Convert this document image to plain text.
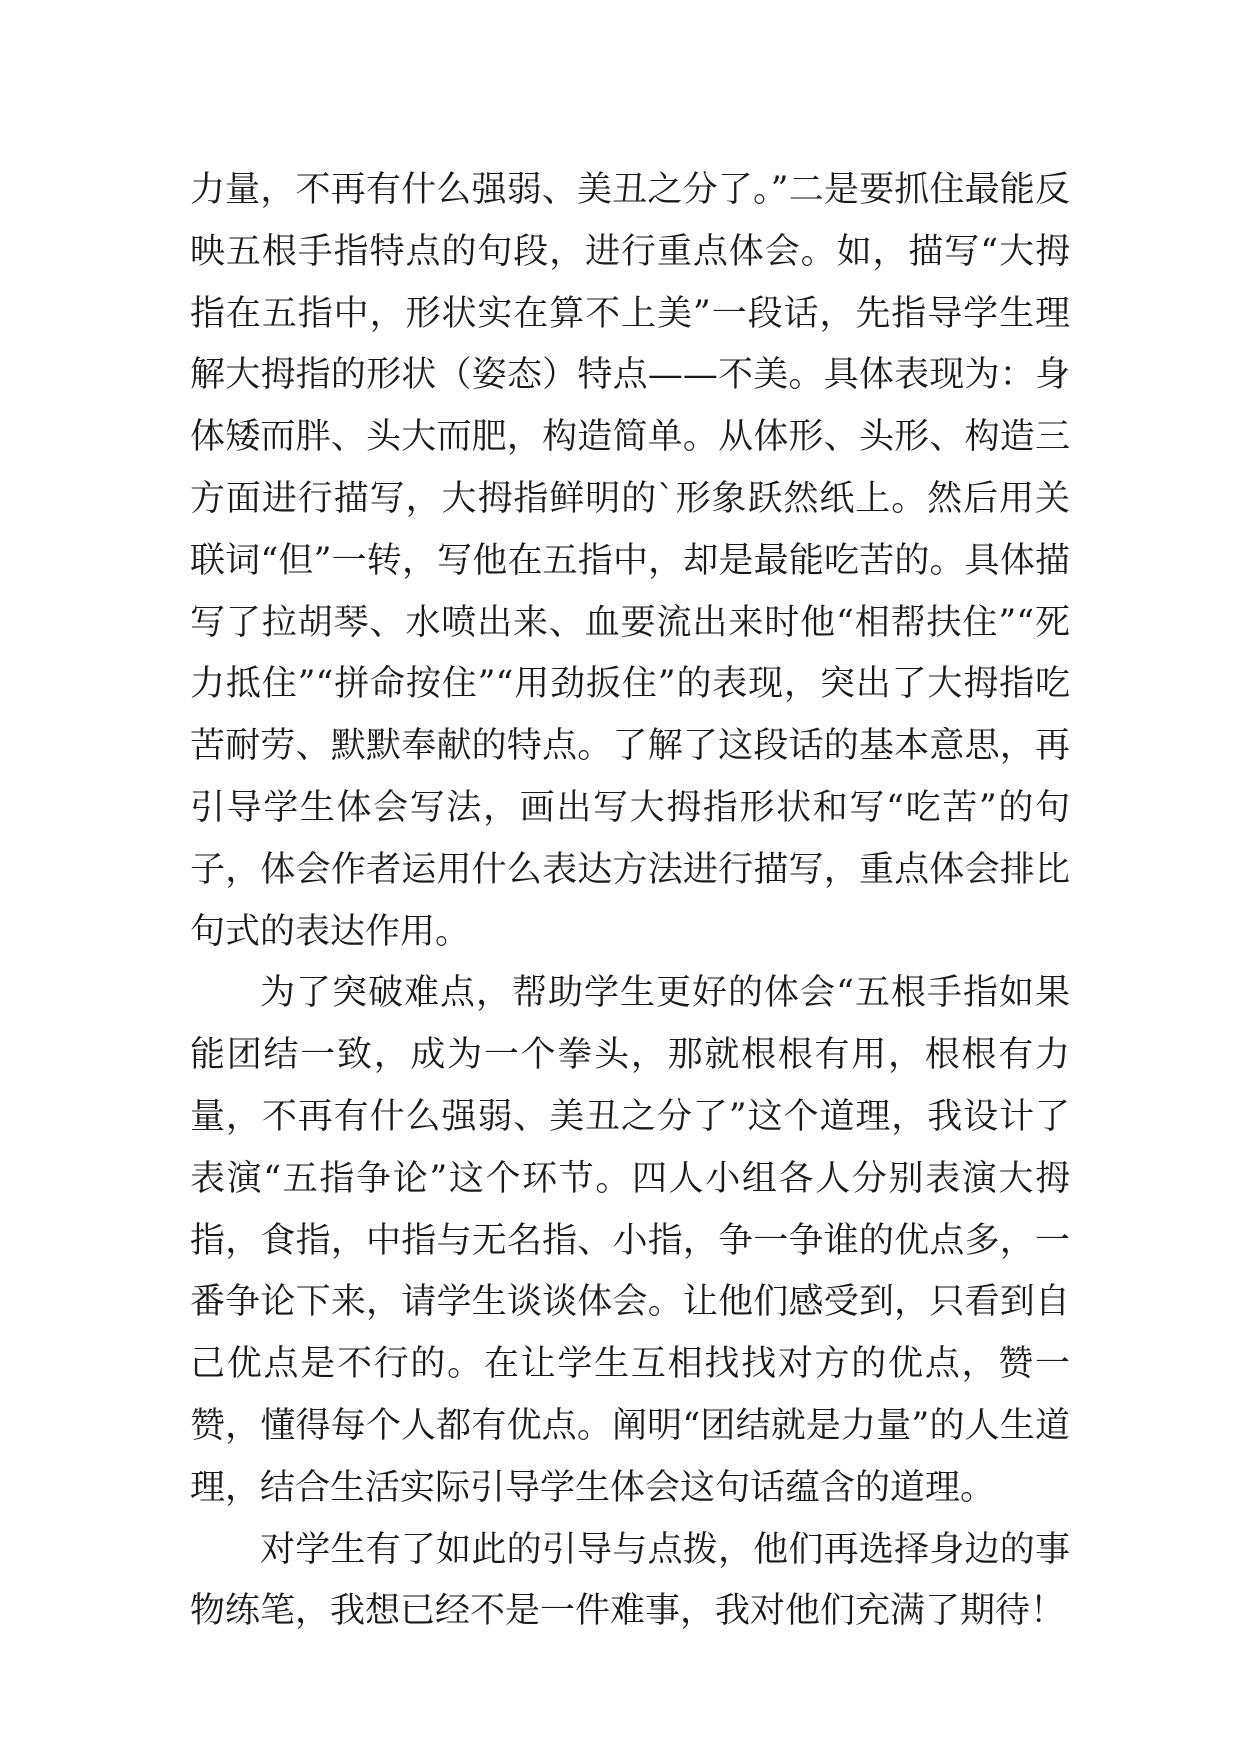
力量，不再有什么强弱、美丑之分了。”二是要抓住最能反映五根手指特点的句段，进行重点体会。如，描写“大拇指在五指中，形状实在算不上美”一段话，先指导学生理解大拇指的形状（姿态）特点——不美。具体表现为：身体矮而胖、头大而肥，构造简单。从体形、头形、构造三方面进行描写，大拇指鲜明的`形象跃然纸上。然后用关联词“但”一转，写他在五指中，却是最能吃苦的。具体描写了拉胡琴、水喷出来、血要流出来时他“相帮扶住”“死力抵住”“拼命按住”“用劲扳住”的表现，突出了大拇指吃苦耐劳、默默奉献的特点。了解了这段话的基本意思，再引导学生体会写法，画出写大拇指形状和写“吃苦”的句子，体会作者运用什么表达方法进行描写，重点体会排比句式的表达作用。

为了突破难点，帮助学生更好的体会“五根手指如果能团结一致，成为一个拳头，那就根根有用，根根有力量，不再有什么强弱、美丑之分了”这个道理，我设计了表演“五指争论”这个环节。四人小组各人分别表演大拇指，食指，中指与无名指、小指，争一争谁的优点多，一番争论下来，请学生谈谈体会。让他们感受到，只看到自己优点是不行的。在让学生互相找找对方的优点，赞一赞，懂得每个人都有优点。阐明“团结就是力量”的人生道理，结合生活实际引导学生体会这句话蕴含的道理。

对学生有了如此的引导与点拨，他们再选择身边的事物练笔，我想已经不是一件难事，我对他们充满了期待！
